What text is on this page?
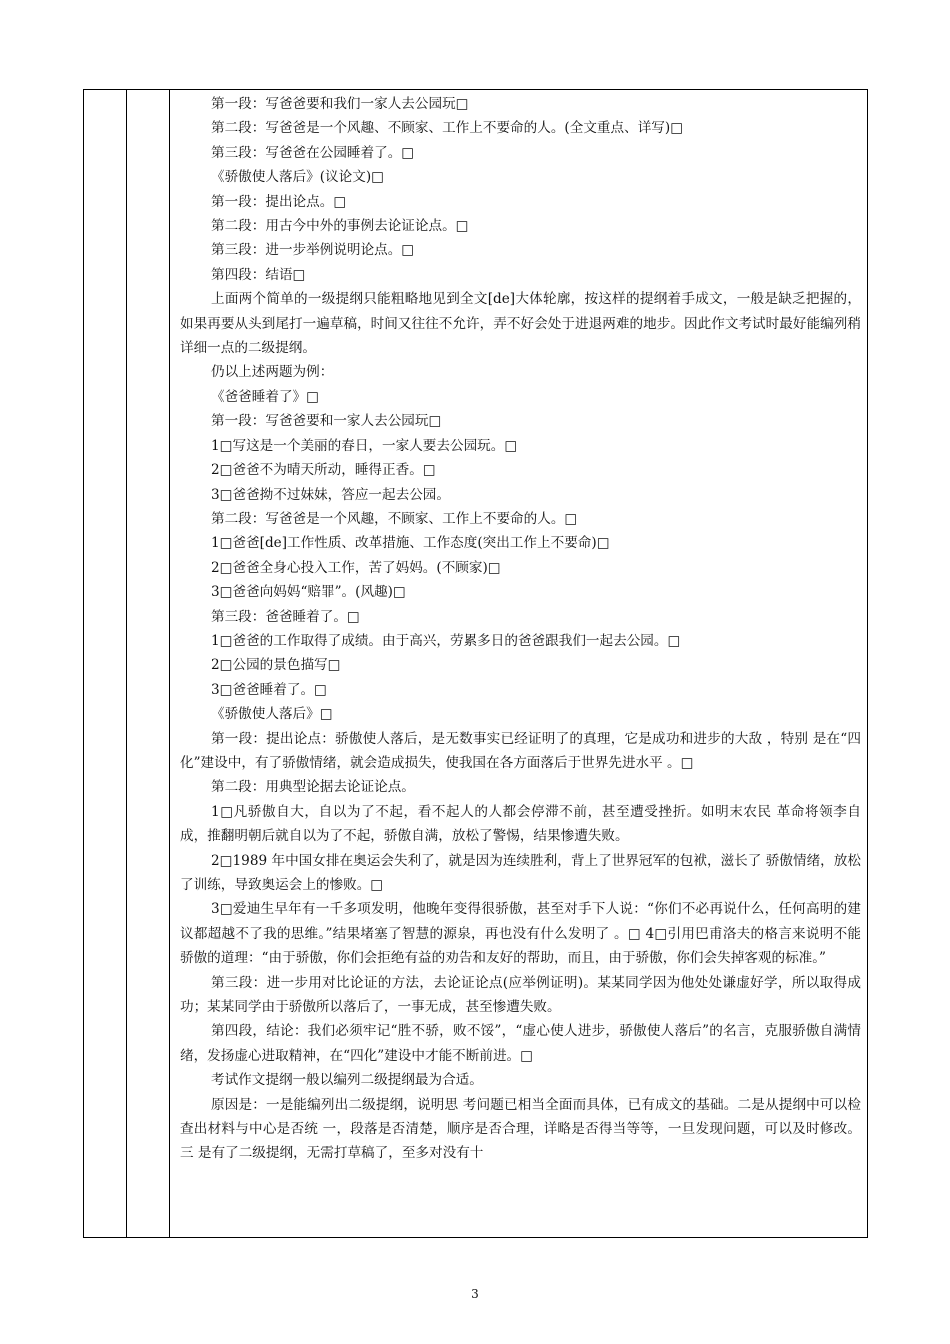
第一段：写爸爸要和我们一家人去公园玩□
第二段：写爸爸是一个风趣、不顾家、工作上不要命的人。(全文重点、详写)□
第三段：写爸爸在公园睡着了。□
《骄傲使人落后》(议论文)□
第一段：提出论点。□
第二段：用古今中外的事例去论证论点。□
第三段：进一步举例说明论点。□
第四段：结语□
上面两个简单的一级提纲只能粗略地见到全文[de]大体轮廓，按这样的提纲着手成文，一般是缺乏把握的，如果再要从头到尾打一遍草稿，时间又往往不允许，弄不好会处于进退两难的地步。因此作文考试时最好能编列稍详细一点的二级提纲。
仍以上述两题为例：
《爸爸睡着了》□
第一段：写爸爸要和一家人去公园玩□
1□写这是一个美丽的春日，一家人要去公园玩。□
2□爸爸不为晴天所动，睡得正香。□
3□爸爸拗不过妹妹，答应一起去公园。
第二段：写爸爸是一个风趣，不顾家、工作上不要命的人。□
1□爸爸[de]工作性质、改革措施、工作态度(突出工作上不要命)□
2□爸爸全身心投入工作，苦了妈妈。(不顾家)□
3□爸爸向妈妈“赔罪”。(风趣)□
第三段：爸爸睡着了。□
1□爸爸的工作取得了成绩。由于高兴，劳累多日的爸爸跟我们一起去公园。□
2□公园的景色描写□
3□爸爸睡着了。□
《骄傲使人落后》□
第一段：提出论点：骄傲使人落后，是无数事实已经证明了的真理，它是成功和进步的大敌 ，特别 是在“四化”建设中，有了骄傲情绪，就会造成损失，使我国在各方面落后于世界先进水平 。□
第二段：用典型论据去论证论点。
1□凡骄傲自大，自以为了不起，看不起人的人都会停滞不前，甚至遭受挫折。如明末农民 革命将领李自成，推翻明朝后就自以为了不起，骄傲自满，放松了警惕，结果惨遭失败。
2□1989 年中国女排在奥运会失利了，就是因为连续胜利，背上了世界冠军的包袱，滋长了 骄傲情绪，放松了训练，导致奥运会上的惨败。□
3□爱迪生早年有一千多项发明，他晚年变得很骄傲，甚至对手下人说：“你们不必再说什么，任何高明的建议都超越不了我的思维。”结果堵塞了智慧的源泉，再也没有什么发明了 。□ 4□引用巴甫洛夫的格言来说明不能骄傲的道理：“由于骄傲，你们会拒绝有益的劝告和友好的帮助，而且，由于骄傲，你们会失掉客观的标准。”
第三段：进一步用对比论证的方法，去论证论点(应举例证明)。某某同学因为他处处谦虚好学，所以取得成功；某某同学由于骄傲所以落后了，一事无成，甚至惨遭失败。
第四段，结论：我们必须牢记“胜不骄，败不馁”，“虚心使人进步，骄傲使人落后”的名言，克服骄傲自满情绪，发扬虚心进取精神，在“四化”建设中才能不断前进。□
考试作文提纲一般以编列二级提纲最为合适。
原因是：一是能编列出二级提纲，说明思 考问题已相当全面而具体，已有成文的基础。二是从提纲中可以检查出材料与中心是否统 一，段落是否清楚，顺序是否合理，详略是否得当等等，一旦发现问题，可以及时修改。三 是有了二级提纲，无需打草稿了，至多对没有十
3
